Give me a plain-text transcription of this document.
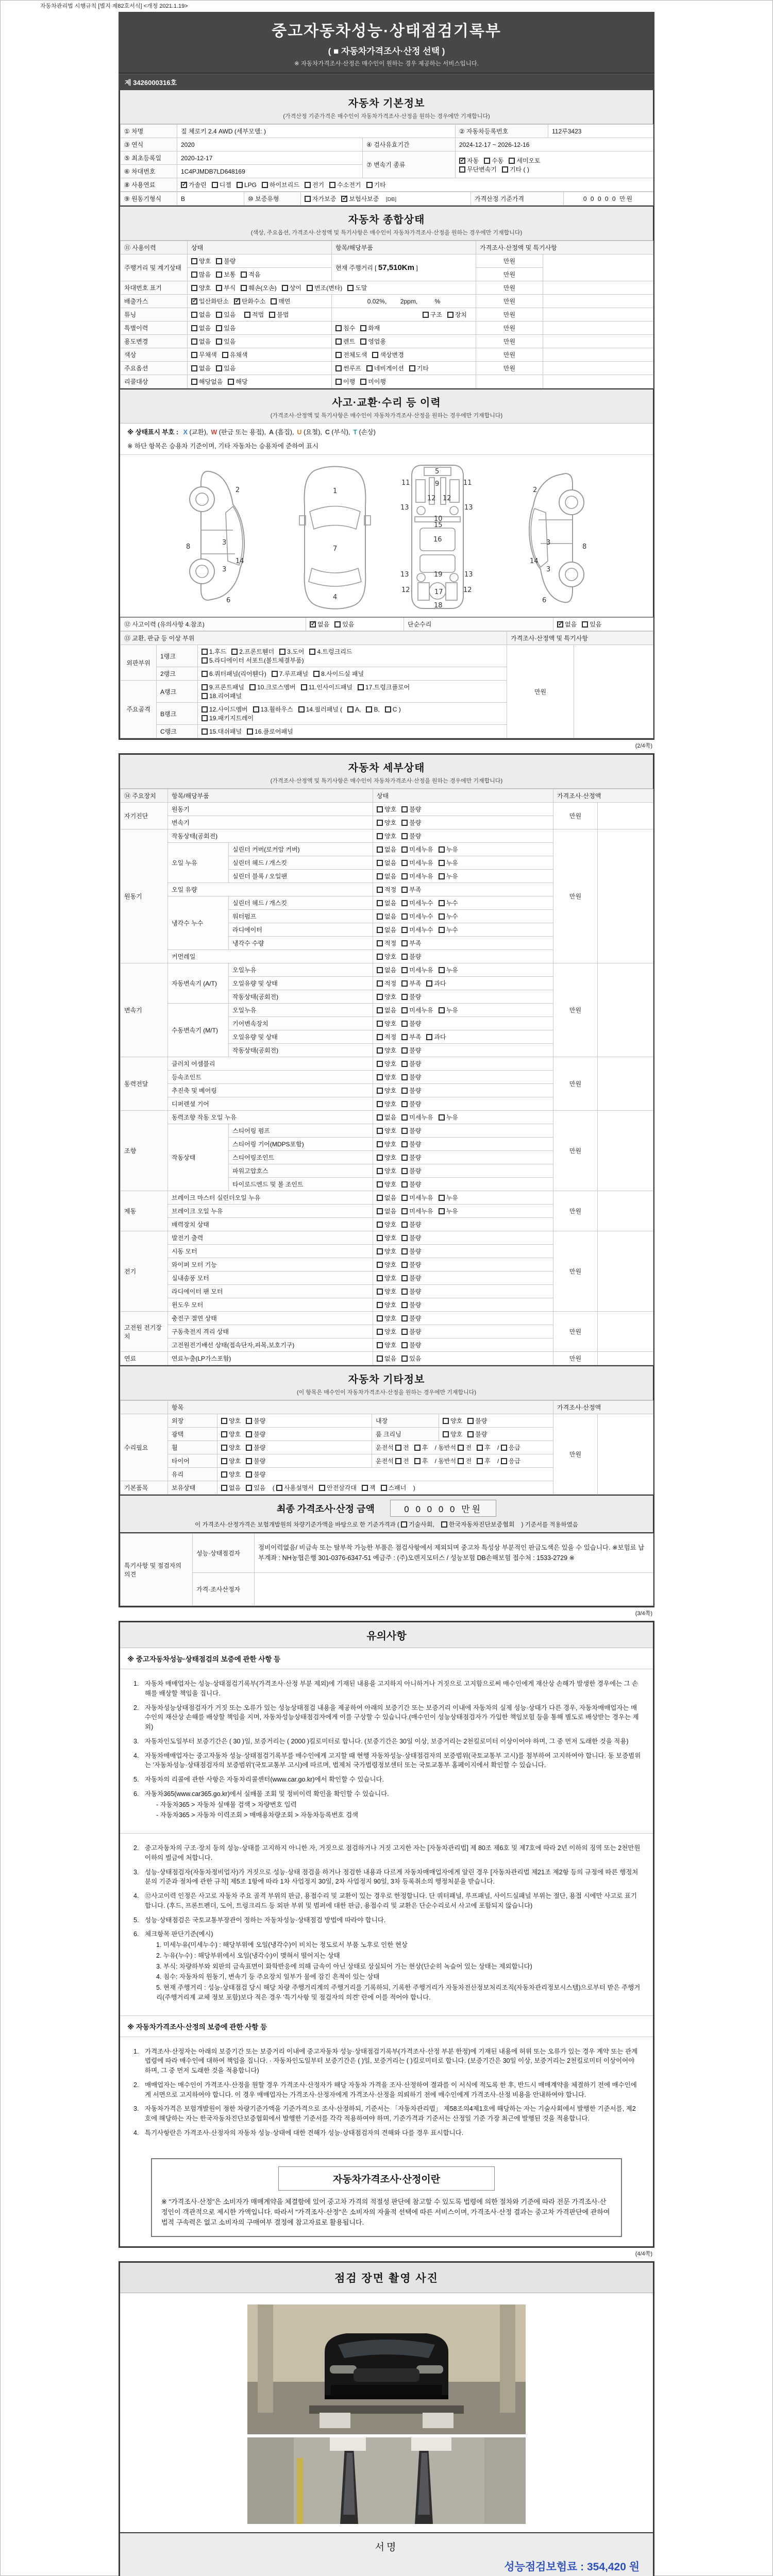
자동차관리법 시행규칙 [별지 제82호서식] <개정 2021.1.19>
중고자동차성능·상태점검기록부
( ■ 자동차가격조사·산정 선택 )
※ 자동차가격조사·산정은 매수인이 원하는 경우 제공하는 서비스입니다.
제 3426000316호
자동차 기본정보
(가격산정 기준가격은 매수인이 자동차가격조사·산정을 원하는 경우에만 기재합니다)
① 차명	짚 체로키 2.4 AWD (세부모델: )		② 자동차등록번호	112루3423
③ 연식	2020	④ 검사유효기간	2024-12-17 ~ 2026-12-16	
⑤ 최초등록일	2020-12-17	⑦ 변속기 종류	
✓자동 수동 세미오토
무단변속기 기타 ( )

⑥ 차대번호	1C4PJMDB7LD648169			
⑧ 사용연료	✓가솔린 디젤 LPG 하이브리드 전기 수소전기 기타
⑨ 원동기형식	B	⑩ 보증유형	자가보증 ✓ 보험사보증 [DB]	가격산정 기준가격	0 0 0 0 0 만원
자동차 종합상태
(색상, 주요옵션, 가격조사·산정액 및 특기사항은 매수인이 자동차가격조사·산정을 원하는 경우에만 기재합니다)
⑪ 사용이력	상태	항목/해당부품	가격조사·산정액 및 특기사항	
주행거리 및 계기상태	양호 불량	현재 주행거리 [ 57,510Km ]	만원	
	많음 보통 적음		만원	
차대번호 표기	양호 부식 훼손(오손) 상이 변조(변타) 도말		만원	
배출가스	✓일산화탄소 ✓ 탄화수소 매연	0.02%,        2ppm,          %	만원	
튜닝	없음 있음 적법 불법	구조 장치	만원	
특별이력	없음 있음	침수 화재	만원	
용도변경	없음 있음	렌트 영업용	만원	
색상	무채색 유채색	전체도색 색상변경	만원	
주요옵션	없음 있음	썬루프 네비게이션 기타	만원	
리콜대상	해당없음 해당	이행 미이행		
사고·교환·수리 등 이력
(가격조사·산정액 및 특기사항은 매수인이 자동차가격조사·산정을 원하는 경우에만 기재합니다)
※ 상태표시 부호 : X (교환), W (판금 또는 용접), A (흠집), U (요철), C (부식), T (손상)
※ 하단 항목은 승용차 기준이며, 기타 자동차는 승용차에 준하여 표시
2
3
3
8
14
6
1
7
4
5
11	11
9
13	13
12 12
10
15
16
13	13
19
12	12
17
18
2
3
3
8
14
6
⑫ 사고이력 (유의사항 4.참조)	✓없음 있음	단순수리	✓없음 있음
⑬ 교환, 판금 등 이상 부위			가격조사·산정액 및 특기사항	
외판부위	1랭크	1.후드 2.프론트휀더 3.도어 4.트렁크리드
5.라디에이터 서포트(볼트체결부품)	만원	
	2랭크	6.쿼터패널(리어휀다) 7.루프패널 8.사이드실 패널		
주요골격	A랭크	9.프론트패널 10.크로스멤버 11.인사이드패널 17.트렁크플로어
18.리어패널		

	B랭크	12.사이드멤버 13.휠하우스 14.필러패널 ( A, B, C )
19.패키지트레이		

	C랭크	15.대쉬패널 16.플로어패널		
(2/4쪽)
자동차 세부상태
(가격조사·산정액 및 특기사항은 매수인이 자동차가격조사·산정을 원하는 경우에만 기재합니다)
⑭ 주요장치	항목/해당부품		상태	가격조사·산정액	
자기진단	원동기		양호 불량	만원	
	변속기		양호 불량		
원동기	작동상태(공회전)		양호 불량	만원	
	오일 누유	실린더 커버(로커암 커버)	없음 미세누유 누유		
		실린더 헤드 / 개스킷	없음 미세누유 누유		
		실린더 블록 / 오일팬	없음 미세누유 누유		
	오일 유량		적정 부족		
	냉각수 누수	실린더 헤드 / 개스킷	없음 미세누수 누수		
		워터펌프	없음 미세누수 누수		
		라디에이터	없음 미세누수 누수		
		냉각수 수량	적정 부족		
	커먼레일		양호 불량		
변속기	자동변속기 (A/T)	오일누유	없음 미세누유 누유	만원	
		오일유량 및 상태	적정 부족 과다		
		작동상태(공회전)	양호 불량		
	수동변속기 (M/T)	오일누유	없음 미세누유 누유		
		기어변속장치	양호 불량		
		오일유량 및 상태	적정 부족 과다		
		작동상태(공회전)	양호 불량		
동력전달	클러치 어셈블리		양호 불량	만원	
	등속조인트		양호 불량		
	추진축 및 베어링		양호 불량		
	디퍼렌셜 기어		양호 불량		
조향	동력조향 작동 오일 누유		없음 미세누유 누유	만원	
	작동상태	스티어링 펌프	양호 불량		
		스티어링 기어(MDPS포함)	양호 불량		
		스티어링조인트	양호 불량		
		파워고압호스	양호 불량		
		타이로드엔드 및 볼 조인트	양호 불량		
제동	브레이크 마스터 실린더오일 누유		없음 미세누유 누유	만원	
	브레이크 오일 누유		없음 미세누유 누유		
	배력장치 상태		양호 불량		
전기	발전기 출력		양호 불량	만원	
	시동 모터		양호 불량		
	와이퍼 모터 기능		양호 불량		
	실내송풍 모터		양호 불량		
	라디에이터 팬 모터		양호 불량		
	윈도우 모터		양호 불량		
고전원 전기장치	충전구 절연 상태		양호 불량	만원	
	구동축전지 격리 상태		양호 불량		
	고전원전기배선 상태(접속단자,피복,보호기구)		양호 불량		
연료	연료누출(LP가스포함)		없음 있음	만원	
자동차 기타정보
(이 항목은 매수인이 자동차가격조사·산정을 원하는 경우에만 기재합니다)
	항목				가격조사·산정액	
수리필요	외장	양호 불량	내장	양호 불량	만원	
	광택	양호 불량	룸 크리닝	양호 불량		
	휠	양호 불량	운전석 전 후 / 동반석 전 후 / 응급			
	타이어	양호 불량	운전석 전 후 / 동반석 전 후 / 응급			
	유리	양호 불량				
기본품목	보유상태	없음 있음 ( 사용설명서 안전삼각대 잭 스패너 )				
최종 가격조사·산정 금액	0 0 0 0 0 만원
이 가격조사·산정가격은 보험개발원의 차량기준가액을 바탕으로 한 기준가격과 ( 기술사회, 한국자동차진단보증협회 ) 기준서를 적용하였음
특기사항 및 점검자의 의견	성능·상태점검자	정비이력없음/ 비금속 또는 탈부착 가능한 부품은 점검사항에서 제외되며 중고차 특성상 부분적인 판금도색은 있을 수 있습니다. ※보험료 납부계좌 : NH농협은행 301-0376-6347-51 예금주 : (주)오렌지모터스 / 성능보험 DB손해보험 접수처 : 1533-2729 ※
	가격·조사산정자	
(3/4쪽)
유의사항
※ 중고자동차성능·상태점검의 보증에 관한 사항 등
1. 자동차 매매업자는 성능·상태점검기록부(가격조사·산정 부분 제외)에 기재된 내용을 고지하지 아니하거나 거짓으로 고지함으로써 매수인에게 재산상 손해가 발생한 경우에는 그 손해를 배상할 책임을 집니다.
2. 자동차성능상태점검자가 거짓 또는 오류가 있는 성능상태점검 내용을 제공하여 아래의 보증기간 또는 보증거리 이내에 자동차의 실제 성능·상태가 다른 경우, 자동차매매업자는 매수인의 재산상 손해를 배상할 책임을 지며, 자동차성능상태점검자에게 이를 구상할 수 있습니다.(매수인이 성능상태점검자가 가입한 책임보험 등을 통해 별도로 배상받는 경우는 제외)
3. 자동차인도일부터 보증기간은 ( 30 )일, 보증거리는 ( 2000 )킬로미터로 합니다. (보증기간은 30일 이상, 보증거리는 2천킬로미터 이상이어야 하며, 그 중 먼저 도래한 것을 적용)
4. 자동차매매업자는 중고자동차 성능·상태점검기록부를 매수인에게 고지할 때 현행 자동차성능·상태점검자의 보증범위(국토교통부 고시)를 첨부하여 고지하여야 합니다. 동 보증범위는 '자동차성능·상태점검자의 보증범위'(국토교통부 고시)에 따르며, 법제처 국가법령정보센터 또는 국토교통부 홈페이지에서 확인할 수 있습니다.
5. 자동차의 리콜에 관한 사항은 자동차리콜센터(www.car.go.kr)에서 확인할 수 있습니다.
6. 자동차365(www.car365.go.kr)에서 실매물 조회 및 정비이력 확인을 확인할 수 있습니다.
- 자동차365 > 자동차 실매물 검색 > 차량번호 입력
- 자동차365 > 자동차 이력조회 > 매매용차량조회 > 자동차등록번호 검색
2. 중고자동차의 구조·장치 등의 성능·상태를 고지하지 아니한 자, 거짓으로 점검하거나 거짓 고지한 자는 [자동차관리법] 제 80조 제6호 및 제7호에 따라 2년 이하의 징역 또는 2천만원 이하의 벌금에 처합니다.
3. 성능·상태점검자(자동차정비업자)가 거짓으로 성능·상태 점검을 하거나 점검한 내용과 다르게 자동차매매업자에게 알린 경우 [자동차관리법 제21조 제2항 등의 규정에 따른 행정처분의 기준과 절차에 관한 규칙] 제5조 1항에 따라 1차 사업정지 30일, 2차 사업정지 90일, 3차 등록취소의 행정처분을 받습니다.
4. ⑫사고이력 인정은 사고로 자동차 주요 골격 부위의 판금, 용접수리 및 교환이 있는 경우로 한정합니다. 단 쿼터패널, 루프패널, 사이드실패널 부위는 절단, 용접 시에만 사고로 표기합니다. (후드, 프론트펜더, 도어, 트렁크리드 등 외판 부위 및 범퍼에 대한 판금, 용접수리 및 교환은 단순수리로서 사고에 포함되지 않습니다)
5. 성능·상태점검은 국토교통부장관이 정하는 자동차성능·상태점검 방법에 따라야 합니다.
6. 체크항목 판단기준(예시)
1. 미세누유(미세누수) : 해당부위에 오일(냉각수)이 비치는 정도로서 부품 노후로 인한 현상
2. 누유(누수) : 해당부위에서 오일(냉각수)이 맺혀서 떨어지는 상태
3. 부식: 차량하부와 외판의 금속표면이 화학반응에 의해 금속이 아닌 상태로 상실되어 가는 현상(단순히 녹슬어 있는 상태는 제외합니다)
4. 침수: 자동차의 원동기, 변속기 등 주요장치 일부가 물에 잠긴 흔적이 있는 상태
5. 현재 주행거리 : 성능·상태점검 당시 해당 차량 주행거리계의 주행거리를 기록하되, 기록한 주행거리가 자동차전산정보처리조직(자동차관리정보시스템)으로부터 받은 주행거리(주행거리계 교체 정보 포함)보다 적은 경우 '특기사항 및 점검자의 의견' 란에 이를 적어야 합니다.
※ 자동차가격조사·산정의 보증에 관한 사항 등
1. 가격조사·산정자는 아래의 보증기간 또는 보증거리 이내에 중고자동차 성능·상태점검기록부(가격조사·산정 부분 한정)에 기재된 내용에 허위 또는 오류가 있는 경우 계약 또는 관계법령에 따라 매수인에 대하여 책임을 집니다. · 자동차인도일부터 보증기간은 ( )일, 보증거리는 ( )킬로미터로 합니다. (보증기간은 30일 이상, 보증거리는 2천킬로미터 이상이어야 하며, 그 중 먼저 도래한 것을 적용합니다)
2. 매매업자는 매수인이 가격조사·산정을 원할 경우 가격조사·산정자가 해당 자동차 가격을 조사·산정하여 결과를 이 서식에 적도록 한 후, 반드시 매매계약을 체결하기 전에 매수인에게 서면으로 고지하여야 합니다. 이 경우 매매업자는 가격조사·산정자에게 가격조사·산정을 의뢰하기 전에 매수인에게 가격조사·산정 비용을 안내하여야 합니다.
3. 자동차가격은 보험개발원이 정한 차량기준가액을 기준가격으로 조사·산정하되, 기준서는 「자동차관리법」 제58조의4제1호에 해당하는 자는 기술사회에서 발행한 기준서를, 제2호에 해당하는 자는 한국자동차진단보증협회에서 발행한 기준서를 각각 적용하여야 하며, 기준가격과 기준서는 산정일 기준 가장 최근에 발행된 것을 적용합니다.
4. 특기사항란은 가격조사·산정자의 자동차 성능·상태에 대한 견해가 성능·상태점검자의 견해와 다를 경우 표시합니다.
자동차가격조사·산정이란
※ "가격조사·산정"은 소비자가 매매계약을 체결함에 있어 중고차 가격의 적절성 판단에 참고할 수 있도록 법령에 의한 절차와 기준에 따라 전문 가격조사·산정인이 객관적으로 제시한 가액입니다. 따라서 "가격조사·산정"은 소비자의 자율적 선택에 따른 서비스이며, 가격조사·산정 결과는 중고차 가격판단에 관하여 법적 구속력은 없고 소비자의 구매여부 결정에 참고자료로 활용됩니다.
(4/4쪽)
점검 장면 촬영 사진
서명
성능점검보험료 : 354,420 원
